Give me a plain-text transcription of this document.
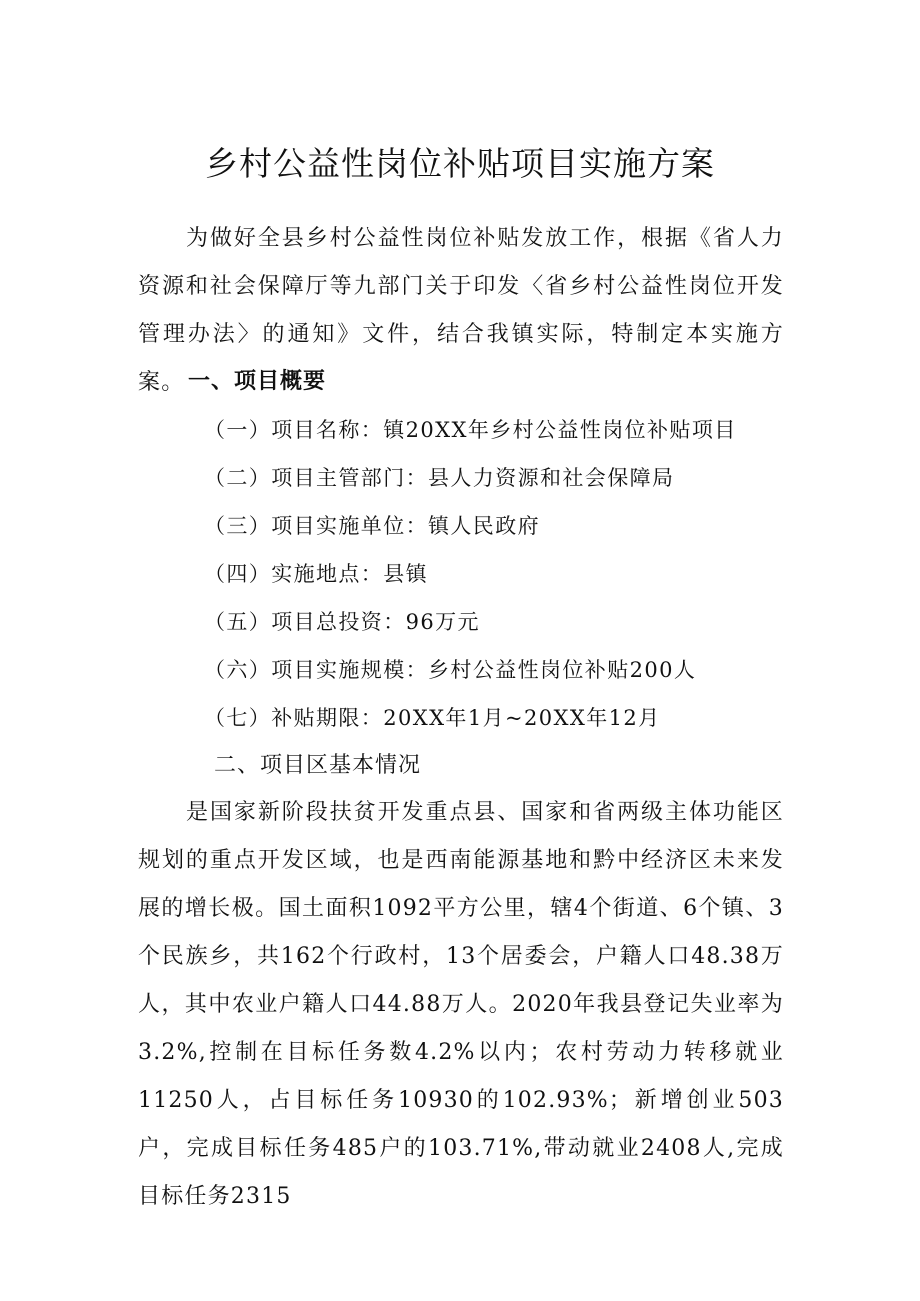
乡村公益性岗位补贴项目实施方案
为做好全县乡村公益性岗位补贴发放工作，根据《省人力资源和社会保障厅等九部门关于印发〈省乡村公益性岗位开发管理办法〉的通知》文件，结合我镇实际，特制定本实施方案。 一、项目概要
（一）项目名称：镇20XX年乡村公益性岗位补贴项目
（二）项目主管部门：县人力资源和社会保障局
（三）项目实施单位：镇人民政府
（四）实施地点：县镇
（五）项目总投资：96万元
（六）项目实施规模：乡村公益性岗位补贴200人
（七）补贴期限：20XX年1月~20XX年12月
二、项目区基本情况
是国家新阶段扶贫开发重点县、国家和省两级主体功能区规划的重点开发区域，也是西南能源基地和黔中经济区未来发展的增长极。国土面积1092平方公里，辖4个街道、6个镇、3个民族乡，共162个行政村，13个居委会，户籍人口48.38万人，其中农业户籍人口44.88万人。2020年我县登记失业率为3.2%,控制在目标任务数4.2%以内；农村劳动力转移就业11250人，占目标任务10930的102.93%；新增创业503户，完成目标任务485户的103.71%,带动就业2408人,完成目标任务2315
